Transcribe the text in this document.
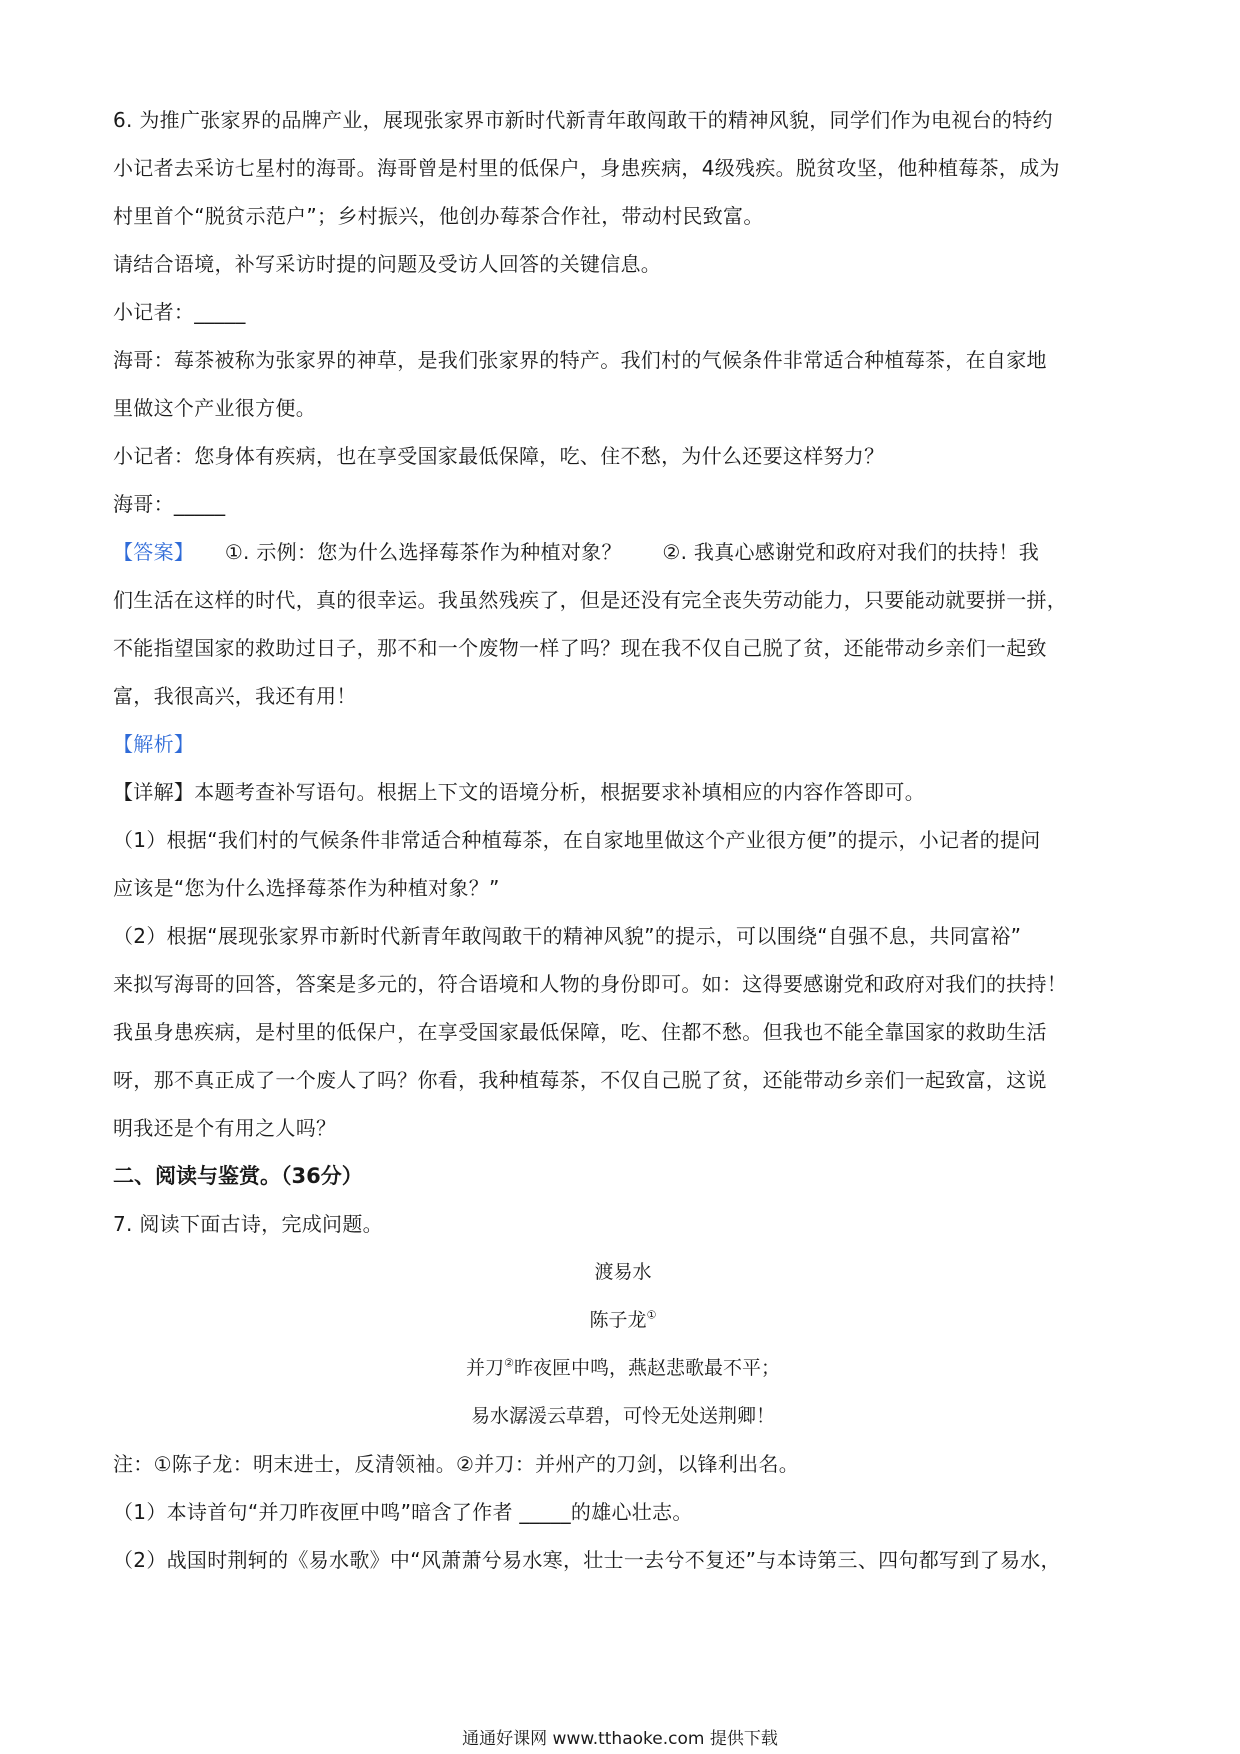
6. 为推广张家界的品牌产业，展现张家界市新时代新青年敢闯敢干的精神风貌，同学们作为电视台的特约

小记者去采访七星村的海哥。海哥曾是村里的低保户，身患疾病，4级残疾。脱贫攻坚，他种植莓茶，成为

村里首个“脱贫示范户”；乡村振兴，他创办莓茶合作社，带动村民致富。

请结合语境，补写采访时提的问题及受访人回答的关键信息。

小记者：_____

海哥：莓茶被称为张家界的神草，是我们张家界的特产。我们村的气候条件非常适合种植莓茶，在自家地

里做这个产业很方便。

小记者：您身体有疾病，也在享受国家最低保障，吃、住不愁，为什么还要这样努力？

海哥：_____

【答案】　　 ①. 示例：您为什么选择莓茶作为种植对象？　　②. 我真心感谢党和政府对我们的扶持！我

们生活在这样的时代，真的很幸运。我虽然残疾了，但是还没有完全丧失劳动能力，只要能动就要拼一拼，

不能指望国家的救助过日子，那不和一个废物一样了吗？现在我不仅自己脱了贫，还能带动乡亲们一起致

富，我很高兴，我还有用！

【解析】

【详解】本题考查补写语句。根据上下文的语境分析，根据要求补填相应的内容作答即可。

（1）根据“我们村的气候条件非常适合种植莓茶，在自家地里做这个产业很方便”的提示，小记者的提问

应该是“您为什么选择莓茶作为种植对象？”

（2）根据“展现张家界市新时代新青年敢闯敢干的精神风貌”的提示，可以围绕“自强不息，共同富裕”

来拟写海哥的回答，答案是多元的，符合语境和人物的身份即可。如：这得要感谢党和政府对我们的扶持！

我虽身患疾病，是村里的低保户，在享受国家最低保障，吃、住都不愁。但我也不能全靠国家的救助生活

呀，那不真正成了一个废人了吗？你看，我种植莓茶，不仅自己脱了贫，还能带动乡亲们一起致富，这说

明我还是个有用之人吗？

二、阅读与鉴赏。（36分）

7. 阅读下面古诗，完成问题。

渡易水

陈子龙①

并刀②昨夜匣中鸣，燕赵悲歌最不平；

易水潺湲云草碧，可怜无处送荆卿！

注：①陈子龙：明末进士，反清领袖。②并刀：并州产的刀剑，以锋利出名。

（1）本诗首句“并刀昨夜匣中鸣”暗含了作者 _____的雄心壮志。

（2）战国时荆轲的《易水歌》中“风萧萧兮易水寒，壮士一去兮不复还”与本诗第三、四句都写到了易水，

通通好课网 www.tthaoke.com 提供下载
